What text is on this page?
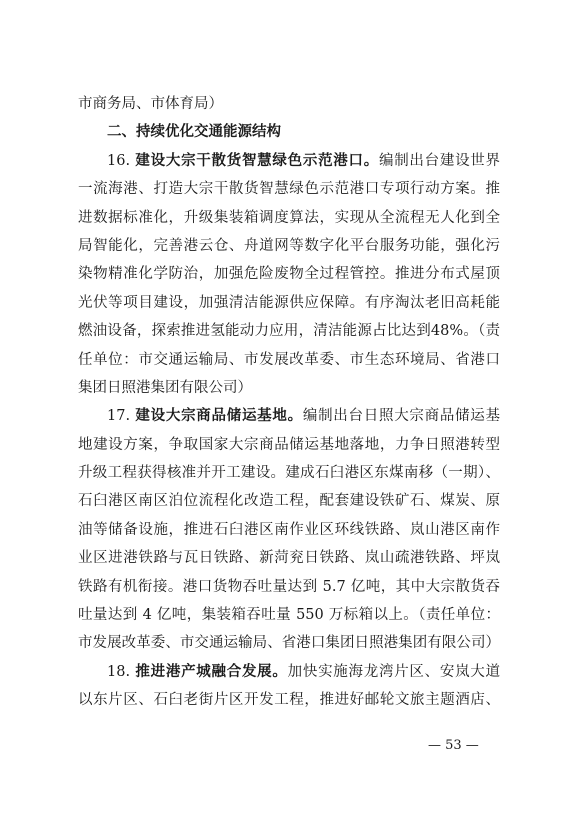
市商务局、市体育局）
二、持续优化交通能源结构
16. 建设大宗干散货智慧绿色示范港口。编制出台建设世界
一流海港、打造大宗干散货智慧绿色示范港口专项行动方案。推
进数据标准化，升级集装箱调度算法，实现从全流程无人化到全
局智能化，完善港云仓、舟道网等数字化平台服务功能，强化污
染物精准化学防治，加强危险废物全过程管控。推进分布式屋顶
光伏等项目建设，加强清洁能源供应保障。有序淘汰老旧高耗能
燃油设备，探索推进氢能动力应用，清洁能源占比达到48%。（责
任单位：市交通运输局、市发展改革委、市生态环境局、省港口
集团日照港集团有限公司）
17. 建设大宗商品储运基地。编制出台日照大宗商品储运基
地建设方案，争取国家大宗商品储运基地落地，力争日照港转型
升级工程获得核准并开工建设。建成石臼港区东煤南移（一期）、
石臼港区南区泊位流程化改造工程，配套建设铁矿石、煤炭、原
油等储备设施，推进石臼港区南作业区环线铁路、岚山港区南作
业区进港铁路与瓦日铁路、新菏兖日铁路、岚山疏港铁路、坪岚
铁路有机衔接。港口货物吞吐量达到 5.7 亿吨，其中大宗散货吞
吐量达到 4 亿吨，集装箱吞吐量 550 万标箱以上。（责任单位：
市发展改革委、市交通运输局、省港口集团日照港集团有限公司）
18. 推进港产城融合发展。加快实施海龙湾片区、安岚大道
以东片区、石臼老街片区开发工程，推进好邮轮文旅主题酒店、
— 53 —
